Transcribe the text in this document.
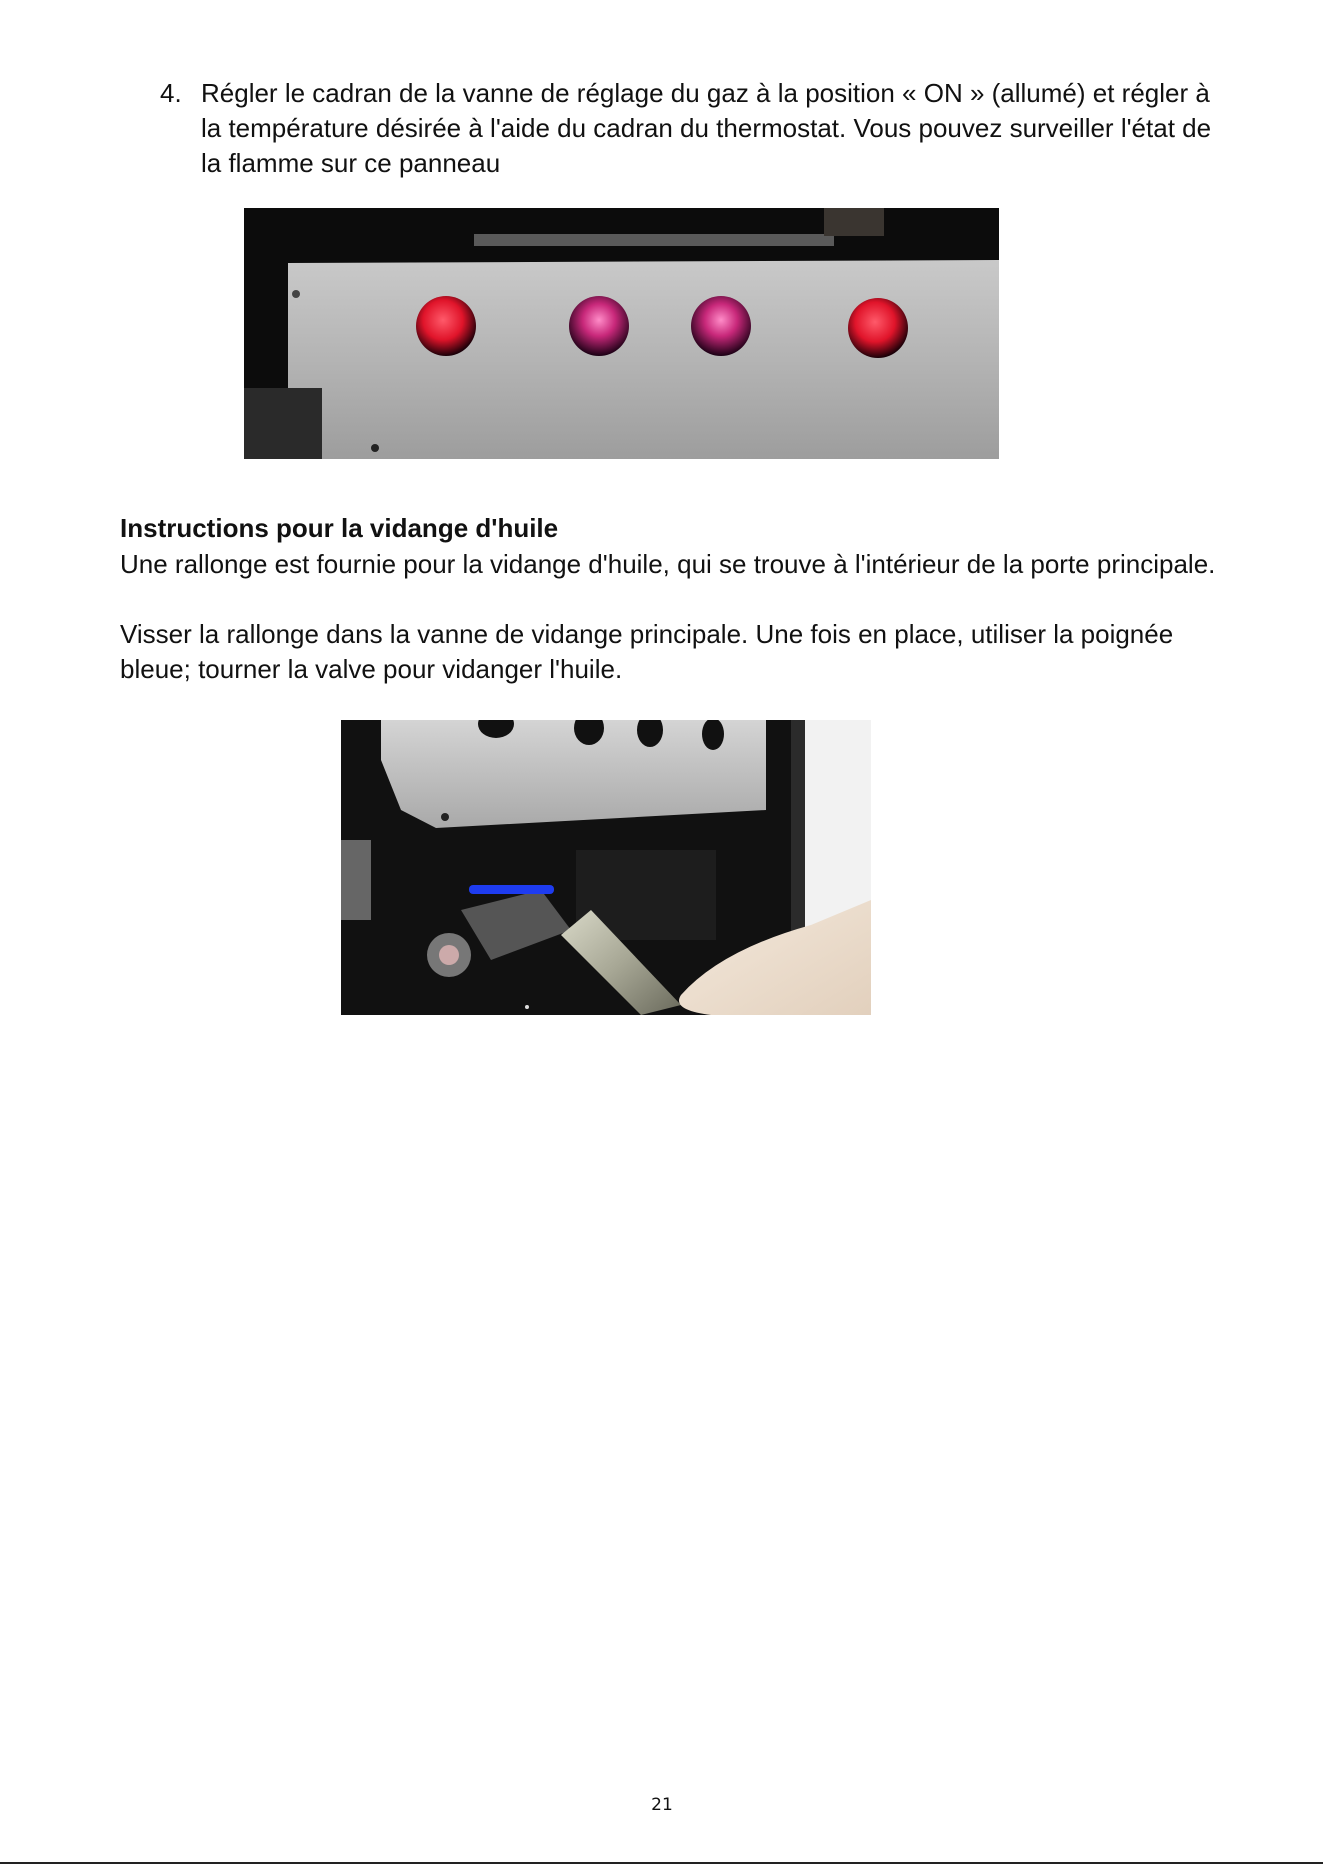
4. Régler le cadran de la vanne de réglage du gaz à la position « ON » (allumé) et régler à la température désirée à l'aide du cadran du thermostat. Vous pouvez surveiller l'état de la flamme sur ce panneau
Instructions pour la vidange d'huile
Une rallonge est fournie pour la vidange d'huile, qui se trouve à l'intérieur de la porte principale.
Visser la rallonge dans la vanne de vidange principale. Une fois en place, utiliser la poignée bleue; tourner la valve pour vidanger l'huile.
21
